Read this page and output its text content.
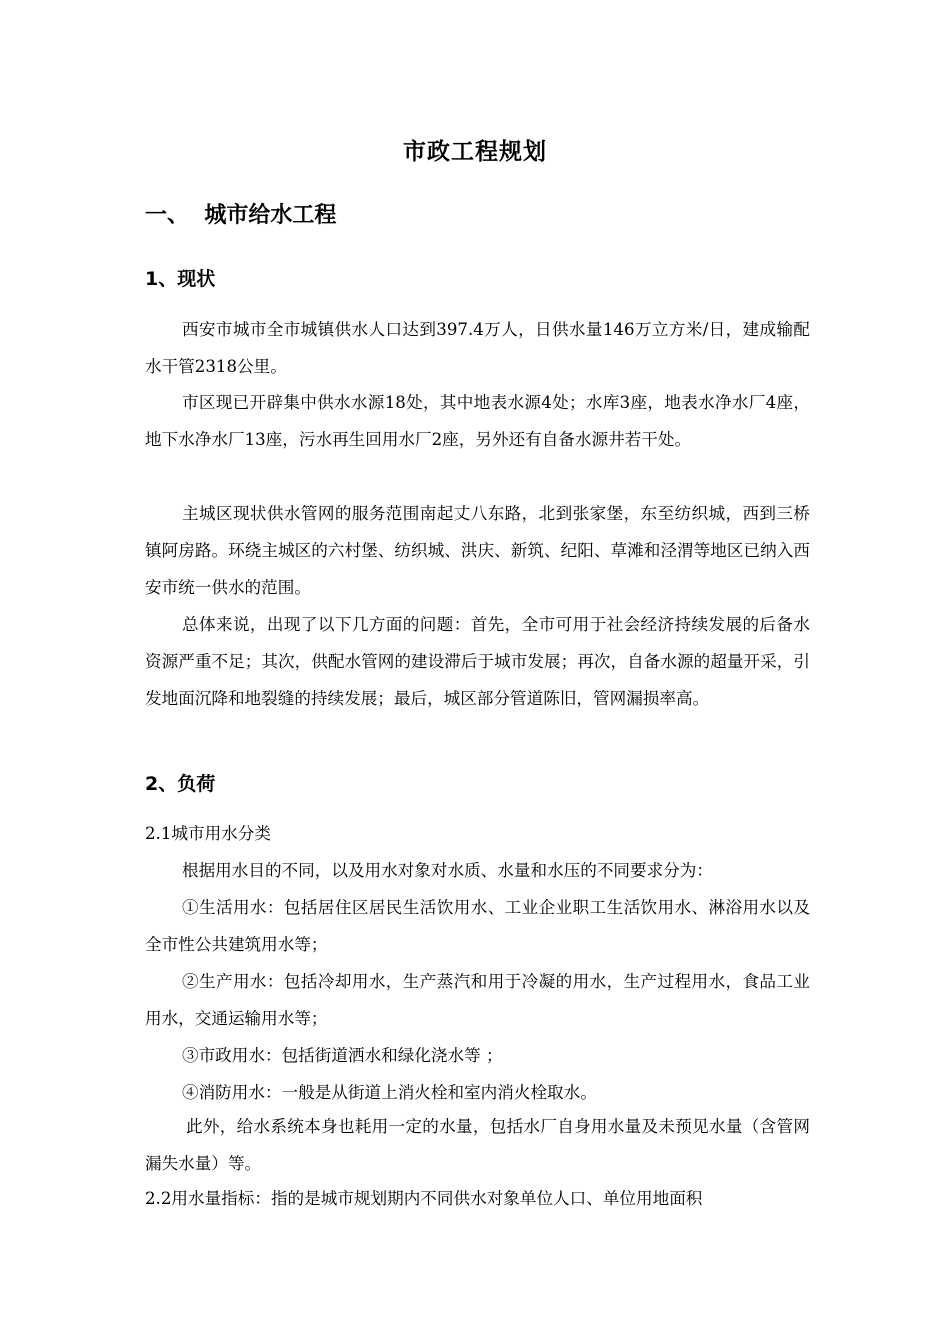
市政工程规划
一、  城市给水工程
1、现状

西安市城市全市城镇供水人口达到397.4万人，日供水量146万立方米/日，建成输配水干管2318公里。

市区现已开辟集中供水水源18处，其中地表水源4处；水库3座，地表水净水厂4座，地下水净水厂13座，污水再生回用水厂2座，另外还有自备水源井若干处。

主城区现状供水管网的服务范围南起丈八东路，北到张家堡，东至纺织城，西到三桥镇阿房路。环绕主城区的六村堡、纺织城、洪庆、新筑、纪阳、草滩和泾渭等地区已纳入西安市统一供水的范围。

总体来说，出现了以下几方面的问题：首先，全市可用于社会经济持续发展的后备水资源严重不足；其次，供配水管网的建设滞后于城市发展；再次，自备水源的超量开采，引发地面沉降和地裂缝的持续发展；最后，城区部分管道陈旧，管网漏损率高。

2、负荷

2.1城市用水分类

根据用水目的不同，以及用水对象对水质、水量和水压的不同要求分为：

①生活用水：包括居住区居民生活饮用水、工业企业职工生活饮用水、淋浴用水以及全市性公共建筑用水等；

②生产用水：包括冷却用水，生产蒸汽和用于冷凝的用水，生产过程用水，食品工业用水，交通运输用水等；

③市政用水：包括街道洒水和绿化浇水等 ；

④消防用水：一般是从街道上消火栓和室内消火栓取水。

此外，给水系统本身也耗用一定的水量，包括水厂自身用水量及未预见水量（含管网漏失水量）等。

2.2用水量指标：指的是城市规划期内不同供水对象单位人口、单位用地面积
